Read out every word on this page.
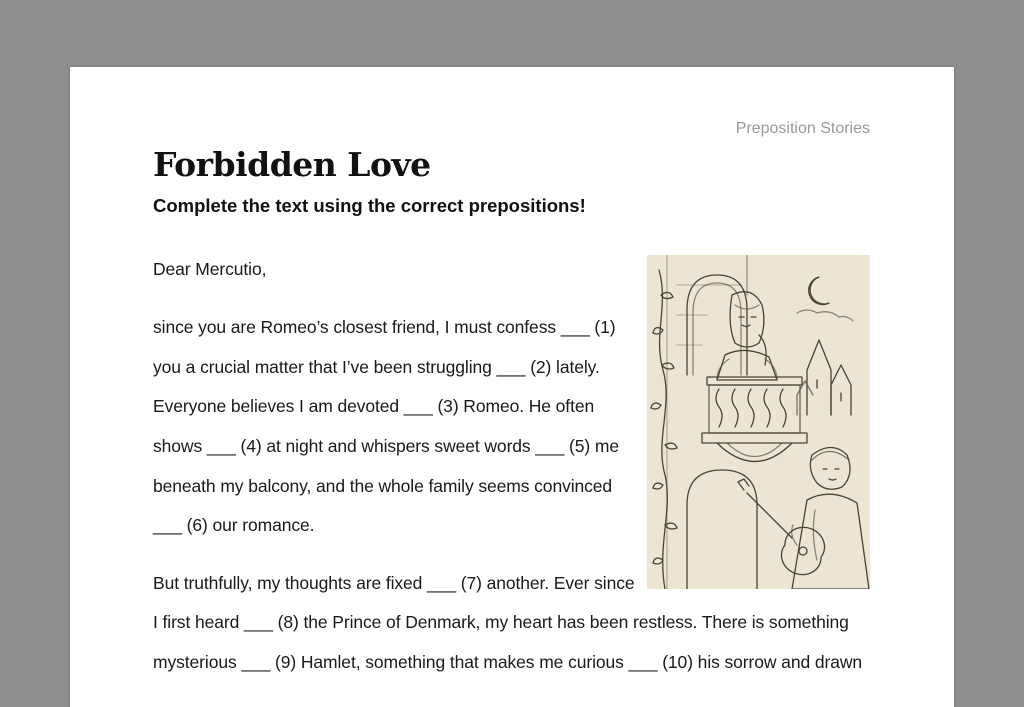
Preposition Stories
Forbidden Love
Complete the text using the correct prepositions!
Dear Mercutio,
since you are Romeo’s closest friend, I must confess ___ (1)
you a crucial matter that I’ve been struggling ___ (2) lately.
Everyone believes I am devoted ___ (3) Romeo. He often
shows ___ (4) at night and whispers sweet words ___ (5) me
beneath my balcony, and the whole family seems convinced
___ (6) our romance.
But truthfully, my thoughts are fixed ___ (7) another. Ever since
I first heard ___ (8) the Prince of Denmark, my heart has been restless. There is something
mysterious ___ (9) Hamlet, something that makes me curious ___ (10) his sorrow and drawn
